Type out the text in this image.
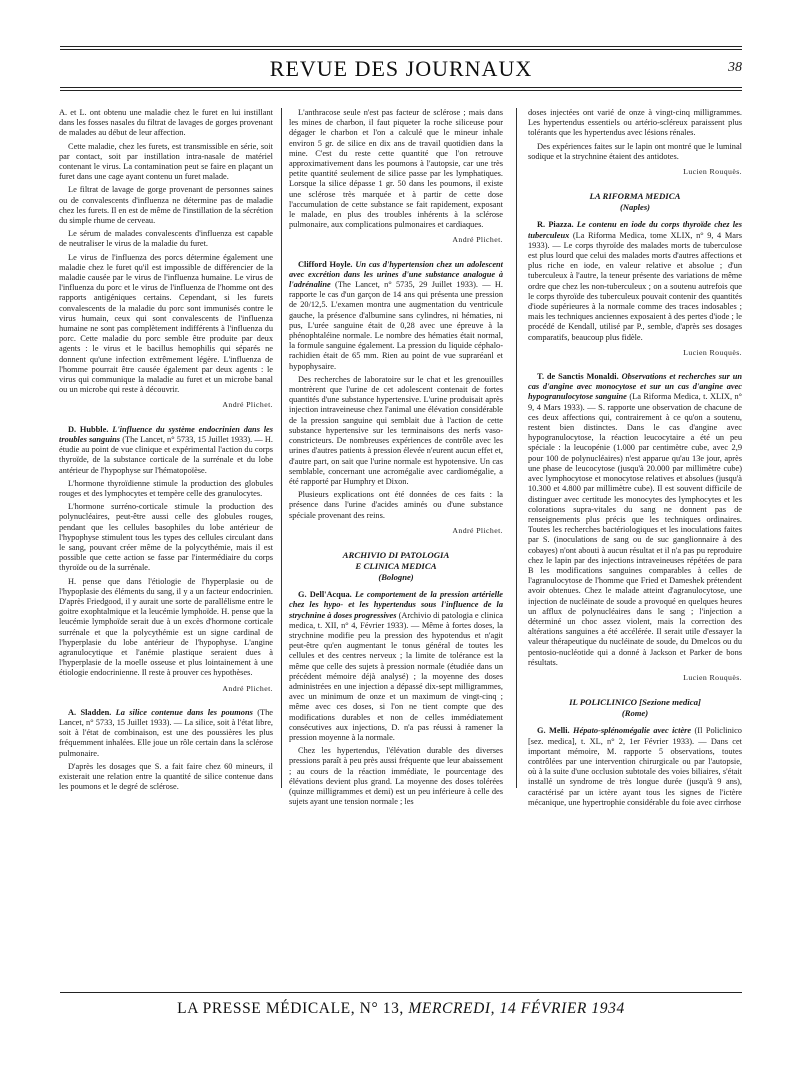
REVUE DES JOURNAUX	38

A. et L. ont obtenu une maladie chez le furet en lui instillant dans les fosses nasales du filtrat de lavages de gorges provenant de malades au début de leur affection.

Cette maladie, chez les furets, est transmissible en série, soit par contact, soit par instillation intra-nasale de matériel contenant le virus. La contamination peut se faire en plaçant un furet dans une cage ayant contenu un furet malade.

Le filtrat de lavage de gorge provenant de personnes saines ou de convalescents d'influenza ne détermine pas de maladie chez les furets. Il en est de même de l'instillation de la sécrétion du simple rhume de cerveau.

Le sérum de malades convalescents d'influenza est capable de neutraliser le virus de la maladie du furet.

Le virus de l'influenza des porcs détermine également une maladie chez le furet qu'il est impossible de différencier de la maladie causée par le virus de l'influenza humaine. Le virus de l'influenza du porc et le virus de l'influenza de l'homme ont des rapports antigéniques certains. Cependant, si les furets convalescents de la maladie du porc sont immunisés contre le virus humain, ceux qui sont convalescents de l'influenza humaine ne sont pas complètement indifférents à l'influenza du porc. Cette maladie du porc semble être produite par deux agents : le virus et le bacillus hemophilis qui séparés ne donnent qu'une infection extrêmement légère. L'influenza de l'homme pourrait être causée également par deux agents : le virus qui communique la maladie au furet et un microbe banal ou un microbe qui reste à découvrir.

André Plichet.

D. Hubble. L'influence du système endocrinien dans les troubles sanguins (The Lancet, n° 5733, 15 Juillet 1933). — H. étudie au point de vue clinique et expérimental l'action du corps thyroïde, de la substance corticale de la surrénale et du lobe antérieur de l'hypophyse sur l'hématopoïèse.

L'hormone thyroïdienne stimule la production des globules rouges et des lymphocytes et tempère celle des granulocytes.

L'hormone surréno-corticale stimule la production des polynucléaires, peut-être aussi celle des globules rouges, pendant que les cellules basophiles du lobe antérieur de l'hypophyse stimulent tous les types des cellules circulant dans le sang, pouvant créer même de la polycythémie, mais il est possible que cette action se fasse par l'intermédiaire du corps thyroïde ou de la surrénale.

H. pense que dans l'étiologie de l'hyperplasie ou de l'hypoplasie des éléments du sang, il y a un facteur endocrinien. D'après Friedgood, il y aurait une sorte de parallélisme entre le goitre exophtalmique et la leucémie lymphoïde. H. pense que la leucémie lymphoïde serait due à un excès d'hormone corticale surrénale et que la polycythémie est un signe cardinal de l'hyperplasie du lobe antérieur de l'hypophyse. L'angine agranulocytique et l'anémie plastique seraient dues à l'hyperplasie de la moelle osseuse et plus lointainement à une étiologie endocrinienne. Il reste à prouver ces hypothèses.

André Plichet.

A. Sladden. La silice contenue dans les poumons (The Lancet, n° 5733, 15 Juillet 1933). — La silice, soit à l'état libre, soit à l'état de combinaison, est une des poussières les plus fréquemment inhalées. Elle joue un rôle certain dans la sclérose pulmonaire.

D'après les dosages que S. a fait faire chez 60 mineurs, il existerait une relation entre la quantité de silice contenue dans les poumons et le degré de sclérose.

L'anthracose seule n'est pas facteur de sclérose ; mais dans les mines de charbon, il faut piqueter la roche siliceuse pour dégager le charbon et l'on a calculé que le mineur inhale environ 5 gr. de silice en dix ans de travail quotidien dans la mine. C'est du reste cette quantité que l'on retrouve approximativement dans les poumons à l'autopsie, car une très petite quantité seulement de silice passe par les lymphatiques. Lorsque la silice dépasse 1 gr. 50 dans les poumons, il existe une sclérose très marquée et à partir de cette dose l'accumulation de cette substance se fait rapidement, exposant le malade, en plus des troubles inhérents à la sclérose pulmonaire, aux complications pulmonaires et cardiaques.

André Plichet.

Clifford Hoyle. Un cas d'hypertension chez un adolescent avec excrétion dans les urines d'une substance analogue à l'adrénaline (The Lancet, n° 5735, 29 Juillet 1933). — H. rapporte le cas d'un garçon de 14 ans qui présenta une pression de 20/12,5. L'examen montra une augmentation du ventricule gauche, la présence d'albumine sans cylindres, ni hématies, ni pus, L'urée sanguine était de 0,28 avec une épreuve à la phénophtaléine normale. Le nombre des hématies était normal, la formule sanguine également. La pression du liquide céphalo-rachidien était de 65 mm. Rien au point de vue supraréanl et hypophysaire.

Des recherches de laboratoire sur le chat et les grenouilles montrèrent que l'urine de cet adolescent contenait de fortes quantités d'une substance hypertensive. L'urine produisait après injection intraveineuse chez l'animal une élévation considérable de la pression sanguine qui semblait due à l'action de cette substance hypertensive sur les terminaisons des nerfs vaso-constricteurs. De nombreuses expériences de contrôle avec les urines d'autres patients à pression élevée n'eurent aucun effet et, d'autre part, on sait que l'urine normale est hypotensive. Un cas semblable, concernant une acromégalie avec cardiomégalie, a été rapporté par Humphry et Dixon.

Plusieurs explications ont été données de ces faits : la présence dans l'urine d'acides aminés ou d'une substance spéciale provenant des reins.

André Plichet.

ARCHIVIO DI PATOLOGIA

E CLINICA MEDICA

(Bologne)

G. Dell'Acqua. Le comportement de la pression artérielle chez les hypo- et les hypertendus sous l'influence de la strychnine à doses progressives (Archivio di patologia e clinica medica, t. XII, n° 4, Février 1933). — Même à fortes doses, la strychnine modifie peu la pression des hypotendus et n'agit peut-être qu'en augmentant le tonus général de toutes les cellules et des centres nerveux ; la limite de tolérance est la même que celle des sujets à pression normale (étudiée dans un précédent mémoire déjà analysé) ; la moyenne des doses administrées en une injection a dépassé dix-sept milligrammes, avec un minimum de onze et un maximum de vingt-cinq ; même avec ces doses, si l'on ne tient compte que des modifications durables et non de celles immédiatement consécutives aux injections, D. n'a pas réussi à ramener la pression moyenne à la normale.

Chez les hypertendus, l'élévation durable des diverses pressions paraît à peu près aussi fréquente que leur abaissement ; au cours de la réaction immédiate, le pourcentage des élévations devient plus grand. La moyenne des doses tolérées (quinze milligrammes et demi) est un peu inférieure à celle des sujets ayant une tension normale ; les

doses injectées ont varié de onze à vingt-cinq milligrammes. Les hypertendus essentiels ou artério-scléreux paraissent plus tolérants que les hypertendus avec lésions rénales.

Des expériences faites sur le lapin ont montré que le luminal sodique et la strychnine étaient des antidotes.

Lucien Rouquès.

LA RIFORMA MEDICA

(Naples)

R. Piazza. Le contenu en iode du corps thyroïde chez les tuberculeux (La Riforma Medica, tome XLIX, n° 9, 4 Mars 1933). — Le corps thyroïde des malades morts de tuberculose est plus lourd que celui des malades morts d'autres affections et plus riche en iode, en valeur relative et absolue ; d'un tuberculeux à l'autre, la teneur présente des variations de même ordre que chez les non-tuberculeux ; on a soutenu autrefois que le corps thyroïde des tuberculeux pouvait contenir des quantités d'iode supérieures à la normale comme des traces indosables ; mais les techniques anciennes exposaient à des pertes d'iode ; le procédé de Kendall, utilisé par P., semble, d'après ses dosages comparatifs, beaucoup plus fidèle.

Lucien Rouquès.

T. de Sanctis Monaldi. Observations et recherches sur un cas d'angine avec monocytose et sur un cas d'angine avec hypogranulocytose sanguine (La Riforma Medica, t. XLIX, n° 9, 4 Mars 1933). — S. rapporte une observation de chacune de ces deux affections qui, contrairement à ce qu'on a soutenu, restent bien distinctes. Dans le cas d'angine avec hypogranulocytose, la réaction leucocytaire a été un peu spéciale : la leucopénie (1.000 par centimètre cube, avec 2,9 pour 100 de polynucléaires) n'est apparue qu'au 13e jour, après une phase de leucocytose (jusqu'à 20.000 par millimètre cube) avec lymphocytose et monocytose relatives et absolues (jusqu'à 10.300 et 4.800 par millimètre cube). Il est souvent difficile de distinguer avec certitude les monocytes des lymphocytes et les colorations supra-vitales du sang ne donnent pas de renseignements plus précis que les techniques ordinaires. Toutes les recherches bactériologiques et les inoculations faites par S. (inoculations de sang ou de suc ganglionnaire à des cobayes) n'ont abouti à aucun résultat et il n'a pas pu reproduire chez le lapin par des injections intraveineuses répétées de para B les modifications sanguines comparables à celles de l'agranulocytose de l'homme que Fried et Dameshek prétendent avoir obtenues. Chez le malade atteint d'agranulocytose, une injection de nucléinate de soude a provoqué en quelques heures un afflux de polynucléaires dans le sang ; l'injection a déterminé un choc assez violent, mais la correction des altérations sanguines a été accélérée. Il serait utile d'essayer la valeur thérapeutique du nucléinate de soude, du Dmelcos ou du pentosio-nucléotide qui a donné à Jackson et Parker de bons résultats.

Lucien Rouquès.

IL POLICLINICO [Sezione medica]

(Rome)

G. Melli. Hépato-splénomégalie avec ictère (Il Policlinico [sez. medica], t. XL, n° 2, 1er Février 1933). — Dans cet important mémoire, M. rapporte 5 observations, toutes contrôlées par une intervention chirurgicale ou par l'autopsie, où à la suite d'une occlusion subtotale des voies biliaires, s'était installé un syndrome de très longue durée (jusqu'à 9 ans), caractérisé par un ictère ayant tous les signes de l'ictère mécanique, une hypertrophie considérable du foie avec cirrhose

LA PRESSE MÉDICALE, N° 13, MERCREDI, 14 FÉVRIER 1934
